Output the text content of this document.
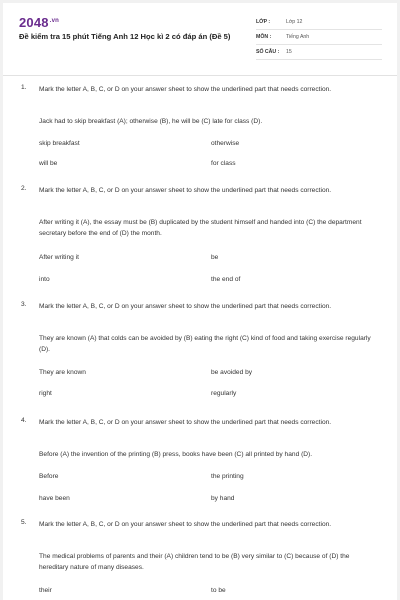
$2048^{.vn}$
Đề kiểm tra 15 phút Tiếng Anh 12 Học kì 2 có đáp án (Đề 5)
LỚP :	Lớp 12
MÔN :	Tiếng Anh
SỐ CÂU :	15
1. Mark the letter A, B, C, or D on your answer sheet to show the underlined part that needs correction.
Jack had to skip breakfast (A); otherwise (B), he will be (C) late for class (D).
skip breakfast	otherwise
will be	for class
2. Mark the letter A, B, C, or D on your answer sheet to show the underlined part that needs correction.
After writing it (A), the essay must be (B) duplicated by the student himself and handed into (C) the department secretary before the end of (D) the month.
After writing it	be
into	the end of
3. Mark the letter A, B, C, or D on your answer sheet to show the underlined part that needs correction.
They are known (A) that colds can be avoided by (B) eating the right (C) kind of food and taking exercise regularly (D).
They are known	be avoided by
right	regularly
4. Mark the letter A, B, C, or D on your answer sheet to show the underlined part that needs correction.
Before (A) the invention of the printing (B) press, books have been (C) all printed by hand (D).
Before	the printing
have been	by hand
5. Mark the letter A, B, C, or D on your answer sheet to show the underlined part that needs correction.
The medical problems of parents and their (A) children tend to be (B) very similar to (C) because of (D) the hereditary nature of many diseases.
their	to be
